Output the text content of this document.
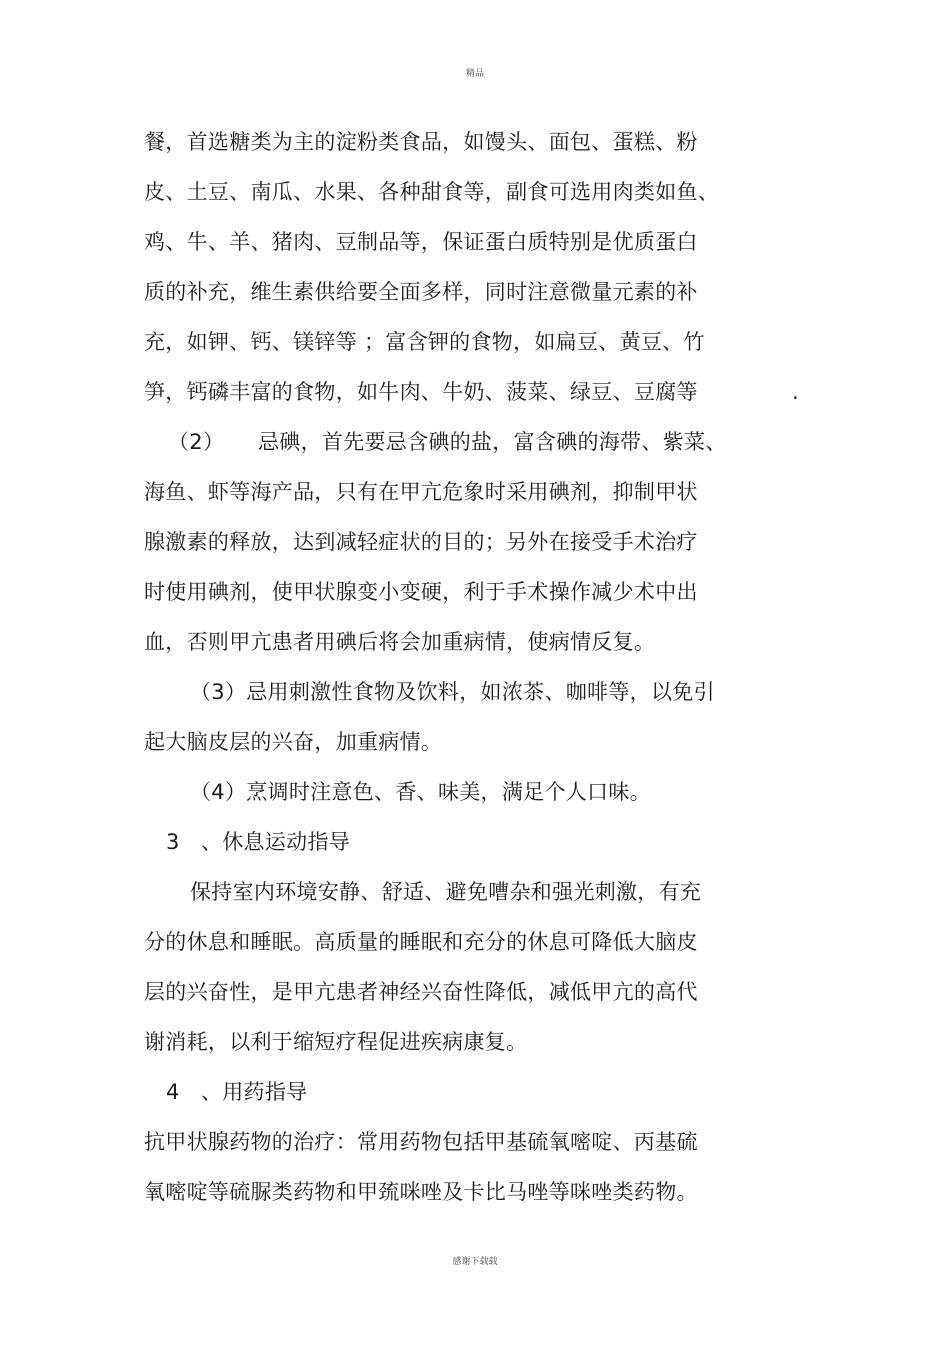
精品
餐，首选糖类为主的淀粉类食品，如馒头、面包、蛋糕、粉
皮、土豆、南瓜、水果、各种甜食等，副食可选用肉类如鱼、
鸡、牛、羊、猪肉、豆制品等，保证蛋白质特别是优质蛋白
质的补充，维生素供给要全面多样，同时注意微量元素的补
充，如钾、钙、镁锌等 ；富含钾的食物，如扁豆、黄豆、竹
笋，钙磷丰富的食物，如牛肉、牛奶、菠菜、绿豆、豆腐等	.
（2） 忌碘，首先要忌含碘的盐，富含碘的海带、紫菜、
海鱼、虾等海产品，只有在甲亢危象时采用碘剂，抑制甲状
腺激素的释放，达到减轻症状的目的；另外在接受手术治疗
时使用碘剂，使甲状腺变小变硬，利于手术操作减少术中出
血，否则甲亢患者用碘后将会加重病情，使病情反复。
（3）忌用刺激性食物及饮料，如浓茶、咖啡等，以免引
起大脑皮层的兴奋，加重病情。
（4）烹调时注意色、香、味美，满足个人口味。
3　、休息运动指导
保持室内环境安静、舒适、避免嘈杂和强光刺激，有充
分的休息和睡眠。高质量的睡眠和充分的休息可降低大脑皮
层的兴奋性，是甲亢患者神经兴奋性降低，减低甲亢的高代
谢消耗，以利于缩短疗程促进疾病康复。
4　、用药指导
抗甲状腺药物的治疗：常用药物包括甲基硫氧嘧啶、丙基硫
氧嘧啶等硫脲类药物和甲巯咪唑及卡比马唑等咪唑类药物。
感谢下载载
